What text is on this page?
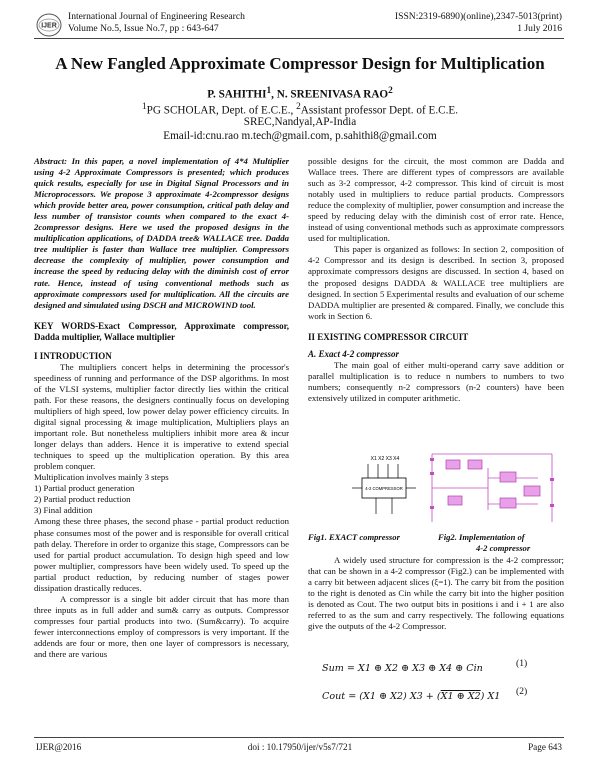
IJER
International Journal of Engineering Research
Volume No.5, Issue No.7, pp : 643-647
ISSN:2319-6890)(online),2347-5013(print)
1 July 2016
A New Fangled Approximate Compressor Design for Multiplication
P. SAHITHI$^1$, N. SREENIVASA RAO$^2$
$^1$PG SCHOLAR, Dept. of E.C.E., $^2$Assistant professor Dept. of E.C.E.
SREC,Nandyal,AP-India
Email-id:cnu.rao m.tech@gmail.com, p.sahithi8@gmail.com

Abstract: In this paper, a novel implementation of 4*4 Multiplier using 4-2 Approximate Compressors is presented; which produces quick results, especially for use in Digital Signal Processors and in Microprocessors. We propose 3 approximate 4-2compressor designs which provide better area, power consumption, critical path delay and less number of transistor counts when compared to the exact 4-2compressor designs. Here we used the proposed designs in the multiplication applications, of DADDA tree& WALLACE tree. Dadda tree multiplier is faster than Wallace tree multiplier. Compressors decrease the complexity of multiplier, power consumption and increase the speed by reducing delay with the diminish cost of error rate. Hence, instead of using conventional methods such as approximate compressors used for multiplication. All the circuits are designed and simulated using DSCH and MICROWIND tool.

KEY WORDS-Exact Compressor, Approximate compressor, Dadda multiplier, Wallace multiplier

I INTRODUCTION

The multipliers concert helps in determining the processor's speediness of running and performance of the DSP algorithms. In most of the VLSI systems, multiplier factor directly lies within the critical path. For these reasons, the designers continually focus on developing multipliers of high speed, low power delay power efficiency circuits. In digital signal processing & image multiplication, Multipliers plays an important role. But nonetheless multipliers inhibit more area & incur longer delays than adders. Hence it is imperative to extend special techniques to speed up the multiplication operation. By this area problem conquer.

Multiplication involves mainly 3 steps

1) Partial product generation

2) Partial product reduction

3) Final addition

Among these three phases, the second phase - partial product reduction phase consumes most of the power and is responsible for overall critical path delay. Therefore in order to organize this stage, Compressors can be used for partial product accumulation. To design high speed and low power multiplier, compressors have been widely used. To speed up the partial product reduction, by reducing number of stages power dissipation drastically reduces.

A compressor is a single bit adder circuit that has more than three inputs as in full adder and sum& carry as outputs. Compressor compresses four partial products into two. (Sum&carry). To acquire fewer interconnections employ of compressors is very important. If the addends are four or more, then one layer of compressors is necessary, and there are various

possible designs for the circuit, the most common are Dadda and Wallace trees. There are different types of compressors are available such as 3-2 compressor, 4-2 compressor. This kind of circuit is most notably used in multipliers to reduce partial products. Compressors reduce the complexity of multiplier, power consumption and increase the speed by reducing delay with the diminish cost of error rate. Hence, instead of using conventional methods such as approximate compressors used for multiplication.

This paper is organized as follows: In section 2, composition of 4-2 Compressor and its design is described. In section 3, proposed approximate compressors designs are discussed. In section 4, based on the proposed designs DADDA & WALLACE tree multipliers are designed. In section 5 Experimental results and evaluation of our scheme DADDA multiplier are presented & compared. Finally, we conclude this work in Section 6.

II EXISTING COMPRESSOR CIRCUIT

A. Exact 4-2 compressor

The main goal of either multi-operand carry save addition or parallel multiplication is to reduce n numbers to numbers to two numbers; consequently n-2 compressors (n-2 counters) have been extensively utilized in computer arithmetic.

X1 X2 X3 X4
4-2 COMPRESSOR
Fig1. EXACT compressor	Fig2. Implementation of
4-2 compressor

A widely used structure for compression is the 4-2 compressor; that can be shown in a 4-2 compressor (Fig2.) can be implemented with a carry bit between adjacent slices (ξ=1). The carry bit from the position to the right is denoted as Cin while the carry bit into the higher position is denoted as Cout. The two output bits in positions i and i + 1 are also referred to as the sum and carry respectively. The following equations give the outputs of the 4-2 Compressor.

Sum = X1 ⊕ X2 ⊕ X3 ⊕ X4 ⊕ Cin	(1)
Cout = (X1 ⊕ X2) X3 + (X1 ⊕ X2) X1 (2)
IJER@2016	doi : 10.17950/ijer/v5s7/721	Page 643
